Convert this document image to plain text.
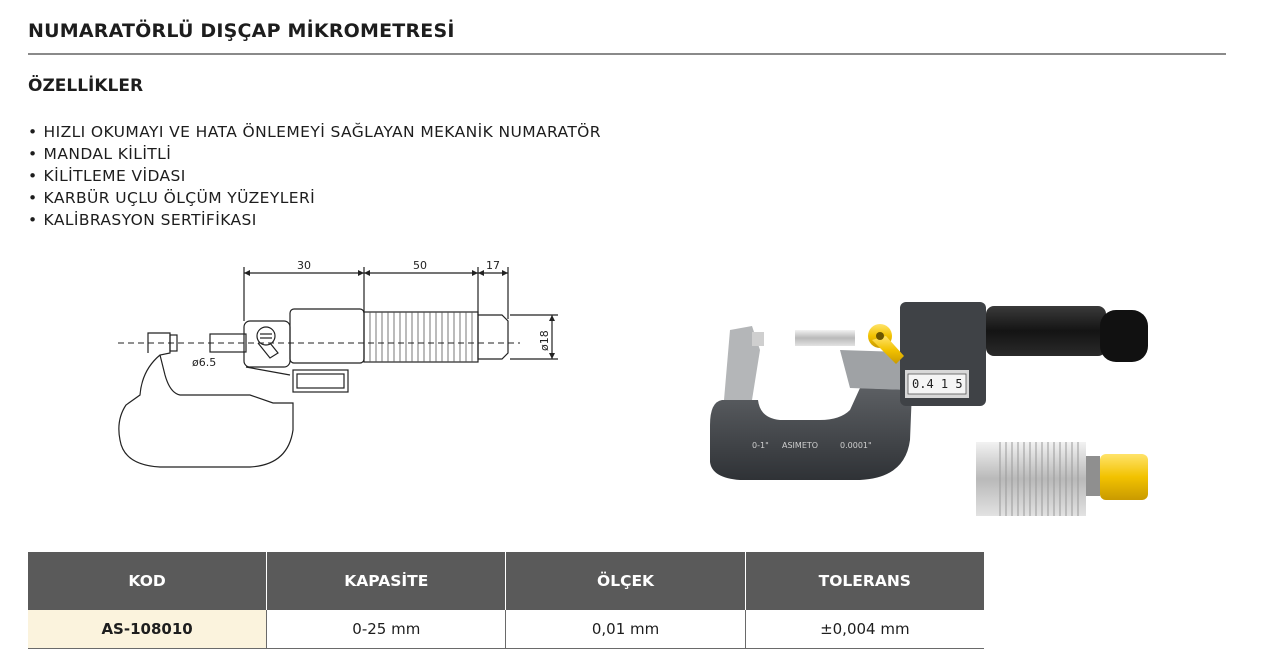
NUMARATÖRLÜ DIŞÇAP MİKROMETRESİ
ÖZELLİKLER
• HIZLI OKUMAYI VE HATA ÖNLEMEYİ SAĞLAYAN MEKANİK NUMARATÖR
• MANDAL KİLİTLİ
• KİLİTLEME VİDASI
• KARBÜR UÇLU ÖLÇÜM YÜZEYLERİ
• KALİBRASYON SERTİFİKASI
30	50	17
ø6.5
ø18
0.4 1 5
0-1" ASIMETO	0.0001"
KOD	KAPASİTE	ÖLÇEK	TOLERANS
AS-108010	0-25 mm	0,01 mm	±0,004 mm
